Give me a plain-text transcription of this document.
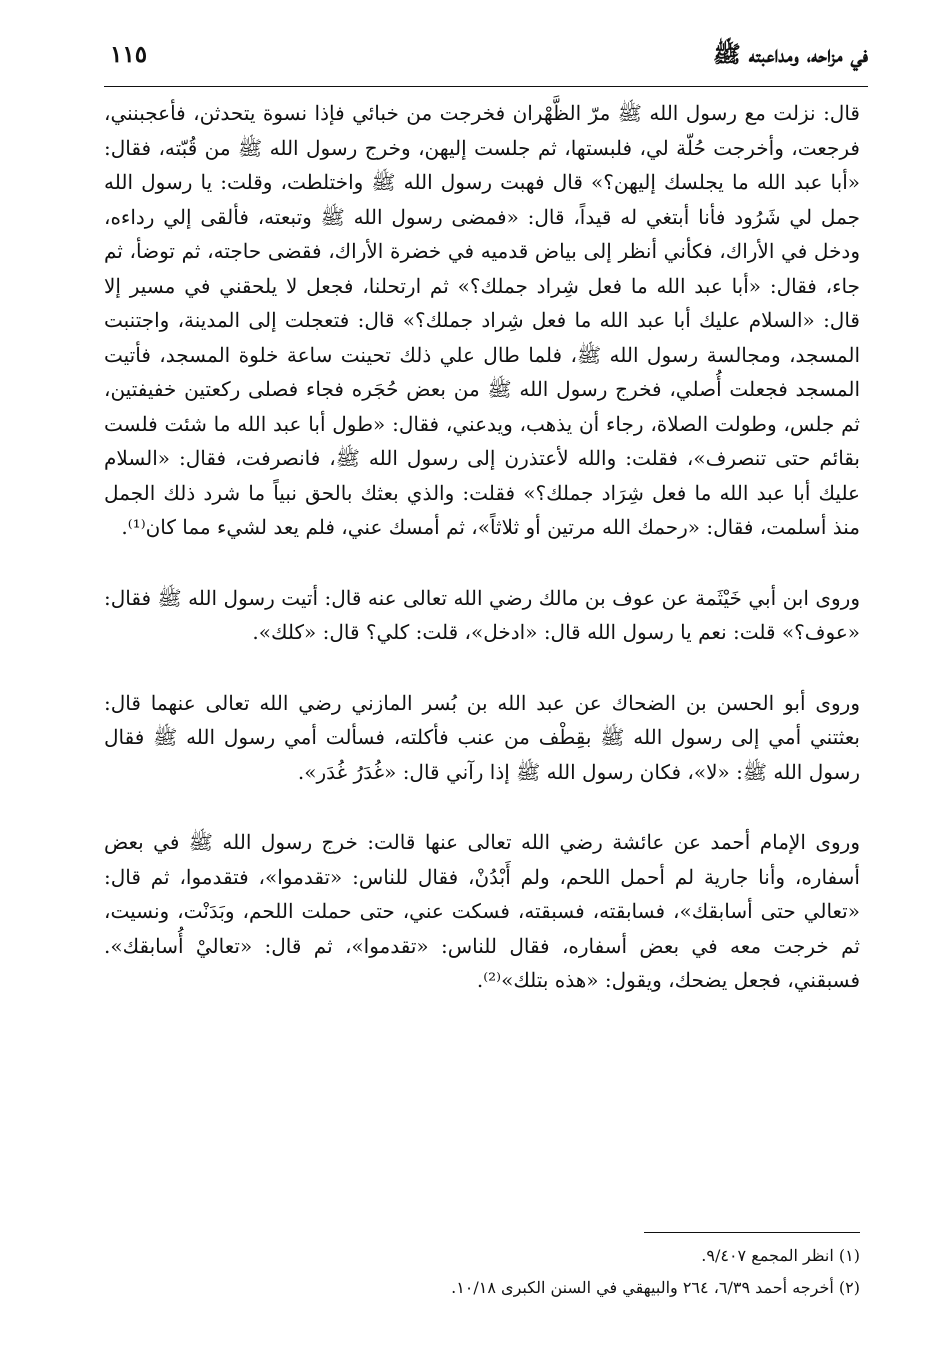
في مزاحه، ومداعبته ﷺ
١١٥

قال: نزلت مع رسول الله ﷺ مرّ الظَّهْران فخرجت من خبائي فإذا نسوة يتحدثن، فأعجبنني، فرجعت، وأخرجت حُلّة لي، فلبستها، ثم جلست إليهن، وخرج رسول الله ﷺ من قُبّته، فقال: «أبا عبد الله ما يجلسك إليهن؟» قال فهبت رسول الله ﷺ واختلطت، وقلت: يا رسول الله جمل لي شَرُود فأنا أبتغي له قيداً، قال: «فمضى رسول الله ﷺ وتبعته، فألقى إلي رداءه، ودخل في الأراك، فكأني أنظر إلى بياض قدميه في خضرة الأراك، فقضى حاجته، ثم توضأ، ثم جاء، فقال: «أبا عبد الله ما فعل شِراد جملك؟» ثم ارتحلنا، فجعل لا يلحقني في مسير إلا قال: «السلام عليك أبا عبد الله ما فعل شِراد جملك؟» قال: فتعجلت إلى المدينة، واجتنبت المسجد، ومجالسة رسول الله ﷺ، فلما طال علي ذلك تحينت ساعة خلوة المسجد، فأتيت المسجد فجعلت أُصلي، فخرج رسول الله ﷺ من بعض حُجَره فجاء فصلى ركعتين خفيفتين، ثم جلس، وطولت الصلاة، رجاء أن يذهب، ويدعني، فقال: «طول أبا عبد الله ما شئت فلست بقائم حتى تنصرف»، فقلت: والله لأعتذرن إلى رسول الله ﷺ، فانصرفت، فقال: «السلام عليك أبا عبد الله ما فعل شِرَاد جملك؟» فقلت: والذي بعثك بالحق نبياً ما شرد ذلك الجمل منذ أسلمت، فقال: «رحمك الله مرتين أو ثلاثاً»، ثم أمسك عني، فلم يعد لشيء مما كان⁽¹⁾.

وروى ابن أبي خَيْثَمة عن عوف بن مالك رضي الله تعالى عنه قال: أتيت رسول الله ﷺ فقال: «عوف؟» قلت: نعم يا رسول الله قال: «ادخل»، قلت: كلي؟ قال: «كلك».

وروى أبو الحسن بن الضحاك عن عبد الله بن بُسر المازني رضي الله تعالى عنهما قال: بعثتني أمي إلى رسول الله ﷺ بقِطْف من عنب فأكلته، فسألت أمي رسول الله ﷺ فقال رسول الله ﷺ: «لا»، فكان رسول الله ﷺ إذا رآني قال: «غُدَرُ غُدَر».

وروى الإمام أحمد عن عائشة رضي الله تعالى عنها قالت: خرج رسول الله ﷺ في بعض أسفاره، وأنا جارية لم أحمل اللحم، ولم أَبْدُنْ، فقال للناس: «تقدموا»، فتقدموا، ثم قال: «تعالي حتى أسابقك»، فسابقته، فسبقته، فسكت عني، حتى حملت اللحم، وبَدَنْت، ونسيت، ثم خرجت معه في بعض أسفاره، فقال للناس: «تقدموا»، ثم قال: «تعاليْ أُسابقك». فسبقني، فجعل يضحك، ويقول: «هذه بتلك»⁽²⁾.

(١) انظر المجمع ٩/٤٠٧.

(٢) أخرجه أحمد ٦/٣٩، ٢٦٤ والبيهقي في السنن الكبرى ١٠/١٨.
